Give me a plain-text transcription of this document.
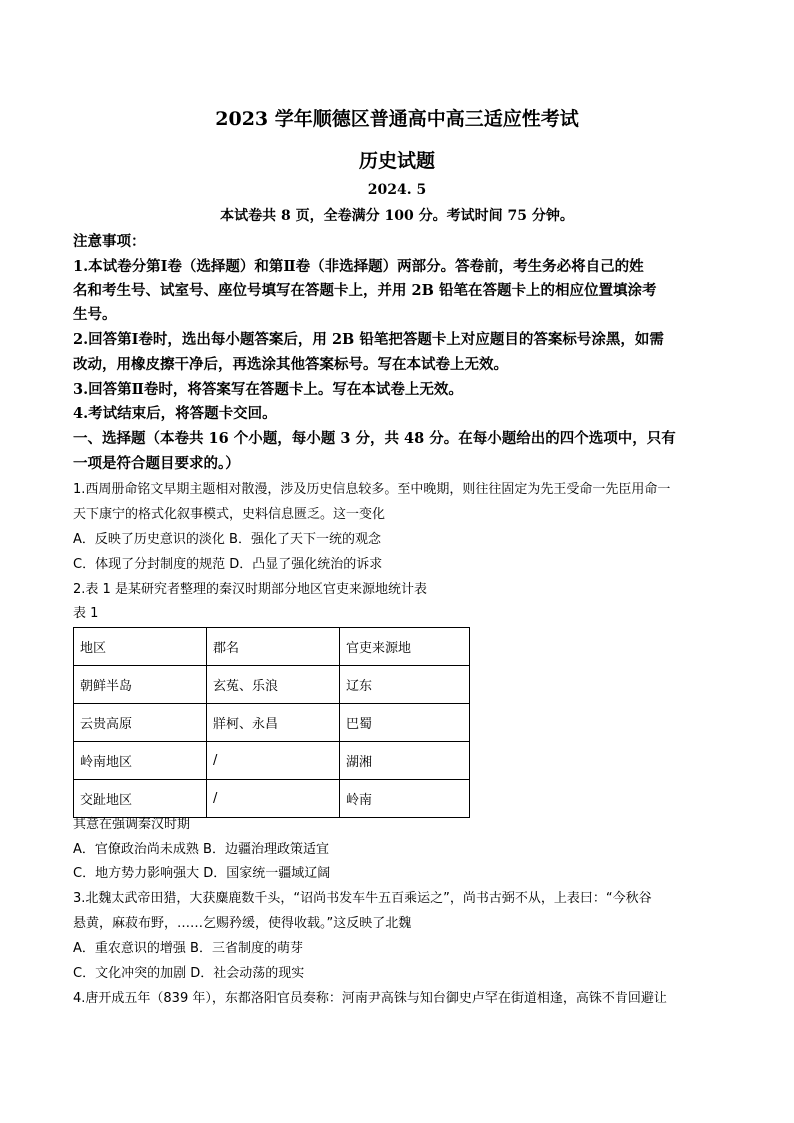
2023 学年顺德区普通高中高三适应性考试
历史试题
2024. 5
本试卷共 8 页，全卷满分 100 分。考试时间 75 分钟。
注意事项：
1.本试卷分第Ⅰ卷（选择题）和第Ⅱ卷（非选择题）两部分。答卷前，考生务必将自己的姓
名和考生号、试室号、座位号填写在答题卡上，并用 2B 铅笔在答题卡上的相应位置填涂考
生号。
2.回答第Ⅰ卷时，选出每小题答案后，用 2B 铅笔把答题卡上对应题目的答案标号涂黑，如需
改动，用橡皮擦干净后，再选涂其他答案标号。写在本试卷上无效。
3.回答第Ⅱ卷时，将答案写在答题卡上。写在本试卷上无效。
4.考试结束后，将答题卡交回。
一、选择题（本卷共 16 个小题，每小题 3 分，共 48 分。在每小题给出的四个选项中，只有
一项是符合题目要求的。）
1.西周册命铭文早期主题相对散漫，涉及历史信息较多。至中晚期，则往往固定为先王受命一先臣用命一
天下康宁的格式化叙事模式，史料信息匮乏。这一变化
A．反映了历史意识的淡化 B．强化了天下一统的观念
C．体现了分封制度的规范 D．凸显了强化统治的诉求
2.表 1 是某研究者整理的秦汉时期部分地区官吏来源地统计表
表 1
地区	郡名	官吏来源地
朝鲜半岛	玄菟、乐浪	辽东
云贵高原	牂柯、永昌	巴蜀
岭南地区	/	湖湘
交趾地区	/	岭南
其意在强调秦汉时期
A．官僚政治尚未成熟 B．边疆治理政策适宜
C．地方势力影响强大 D．国家统一疆域辽阔
3.北魏太武帝田猎，大获麋鹿数千头，“诏尚书发车牛五百乘运之”，尚书古弼不从，上表曰：“今秋谷
悬黄，麻菽布野，……乞赐矜缓，使得收载。”这反映了北魏
A．重农意识的增强 B．三省制度的萌芽
C．文化冲突的加剧 D．社会动荡的现实
4.唐开成五年（839 年），东都洛阳官员奏称：河南尹高铢与知台御史卢罕在街道相逢，高铢不肯回避让
